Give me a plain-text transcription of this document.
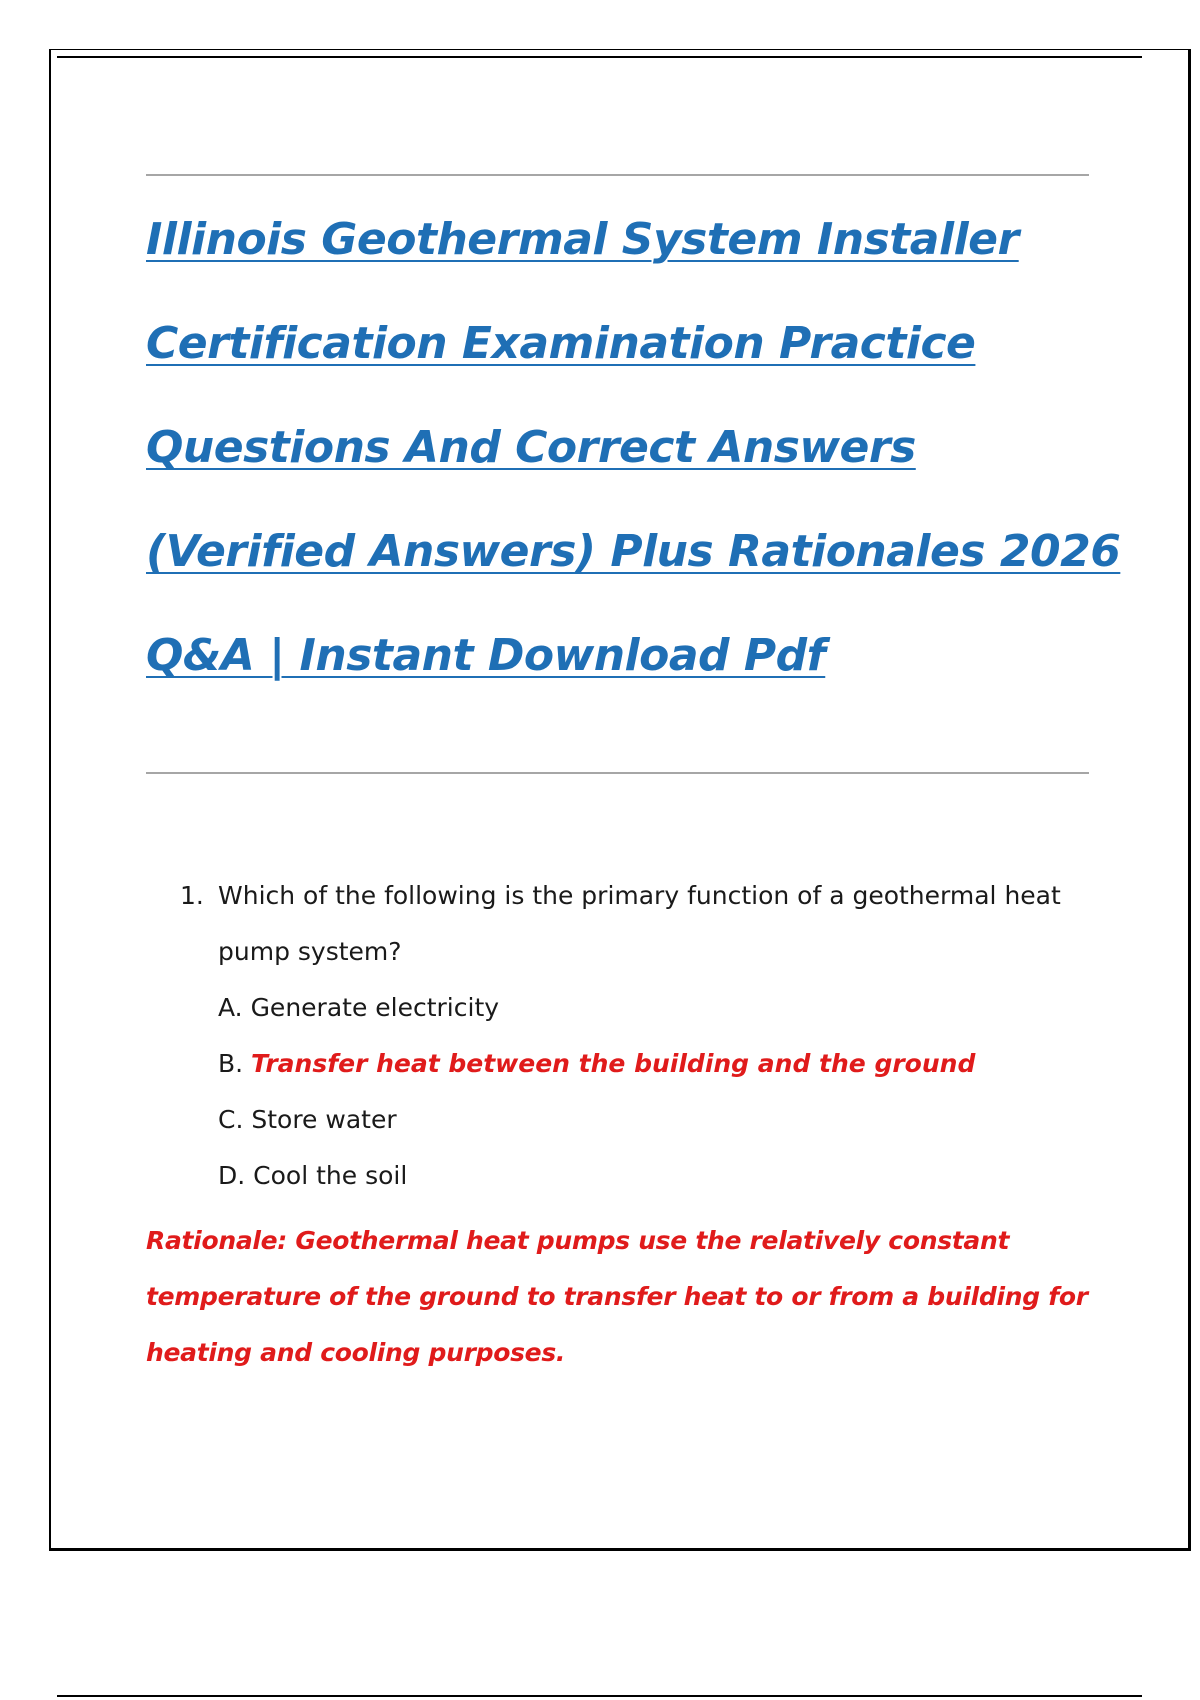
Illinois Geothermal System Installer
Certification Examination Practice
Questions And Correct Answers
(Verified Answers) Plus Rationales 2026
Q&A | Instant Download Pdf
1. Which of the following is the primary function of a geothermal heat
pump system?
A. Generate electricity
B. Transfer heat between the building and the ground
C. Store water
D. Cool the soil
Rationale: Geothermal heat pumps use the relatively constant
temperature of the ground to transfer heat to or from a building for
heating and cooling purposes.
